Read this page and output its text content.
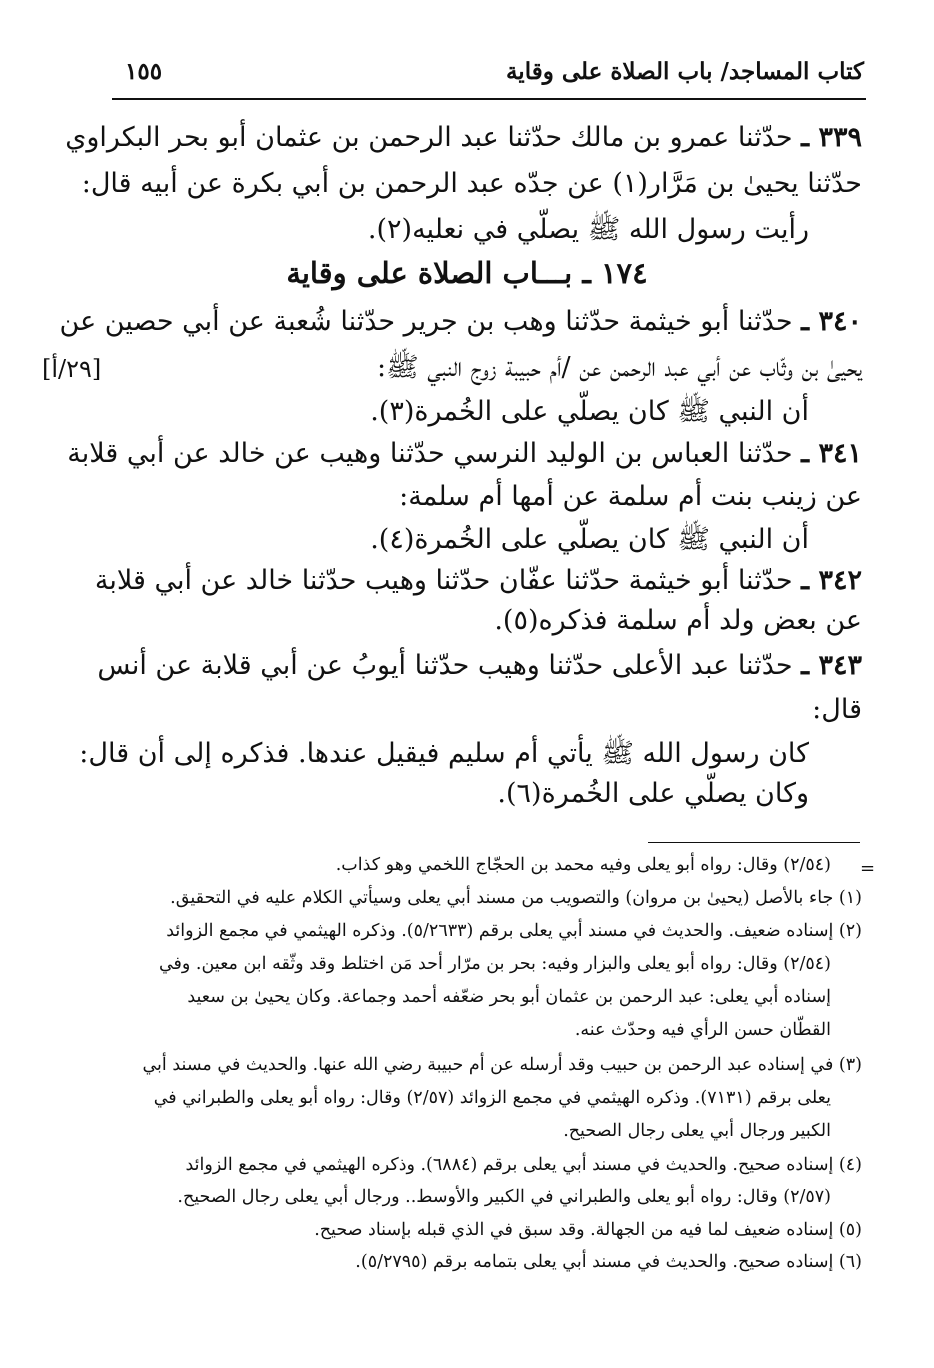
كتاب المساجد/ باب الصلاة على وقاية
١٥٥
٣٣٩ ـ حدّثنا عمرو بن مالك حدّثنا عبد الرحمن بن عثمان أبو بحر البكراوي
حدّثنا يحيىٰ بن مَرَّار(١) عن جدّه عبد الرحمن بن أبي بكرة عن أبيه قال:
رأيت رسول الله ﷺ يصلّي في نعليه(٢).
١٧٤ ـ بـــاب الصلاة على وقاية
٣٤٠ ـ حدّثنا أبو خيثمة حدّثنا وهب بن جرير حدّثنا شُعبة عن أبي حصين عن
يحيىٰ بن وثّاب عن أبي عبد الرحمن عن /أم حبيبة زوج النبي ﷺ:
[٢٩/أ]
أن النبي ﷺ كان يصلّي على الخُمرة(٣).
٣٤١ ـ حدّثنا العباس بن الوليد النرسي حدّثنا وهيب عن خالد عن أبي قلابة
عن زينب بنت أم سلمة عن أمها أم سلمة:
أن النبي ﷺ كان يصلّي على الخُمرة(٤).
٣٤٢ ـ حدّثنا أبو خيثمة حدّثنا عفّان حدّثنا وهيب حدّثنا خالد عن أبي قلابة
عن بعض ولد أم سلمة فذكره(٥).
٣٤٣ ـ حدّثنا عبد الأعلى حدّثنا وهيب حدّثنا أيوبُ عن أبي قلابة عن أنس
قال:
كان رسول الله ﷺ يأتي أم سليم فيقيل عندها. فذكره إلى أن قال:
وكان يصلّي على الخُمرة(٦).
=
(٢/٥٤) وقال: رواه أبو يعلى وفيه محمد بن الحجّاج اللخمي وهو كذاب.
(١) جاء بالأصل (يحيىٰ بن مروان) والتصويب من مسند أبي يعلى وسيأتي الكلام عليه في التحقيق.
(٢) إسناده ضعيف. والحديث في مسند أبي يعلى برقم (٥/٢٦٣٣). وذكره الهيثمي في مجمع الزوائد
(٢/٥٤) وقال: رواه أبو يعلى والبزار وفيه: بحر بن مرّار أحد مَن اختلط وقد وثّقه ابن معين. وفي
إسناده أبي يعلى: عبد الرحمن بن عثمان أبو بحر ضعّفه أحمد وجماعة. وكان يحيىٰ بن سعيد
القطّان حسن الرأي فيه وحدّث عنه.
(٣) في إسناده عبد الرحمن بن حبيب وقد أرسله عن أم حبيبة رضي الله عنها. والحديث في مسند أبي
يعلى برقم (٧١٣١). وذكره الهيثمي في مجمع الزوائد (٢/٥٧) وقال: رواه أبو يعلى والطبراني في
الكبير ورجال أبي يعلى رجال الصحيح.
(٤) إسناده صحيح. والحديث في مسند أبي يعلى برقم (٦٨٨٤). وذكره الهيثمي في مجمع الزوائد
(٢/٥٧) وقال: رواه أبو يعلى والطبراني في الكبير والأوسط.. ورجال أبي يعلى رجال الصحيح.
(٥) إسناده ضعيف لما فيه من الجهالة. وقد سبق في الذي قبله بإسناد صحيح.
(٦) إسناده صحيح. والحديث في مسند أبي يعلى بتمامه برقم (٥/٢٧٩٥).
